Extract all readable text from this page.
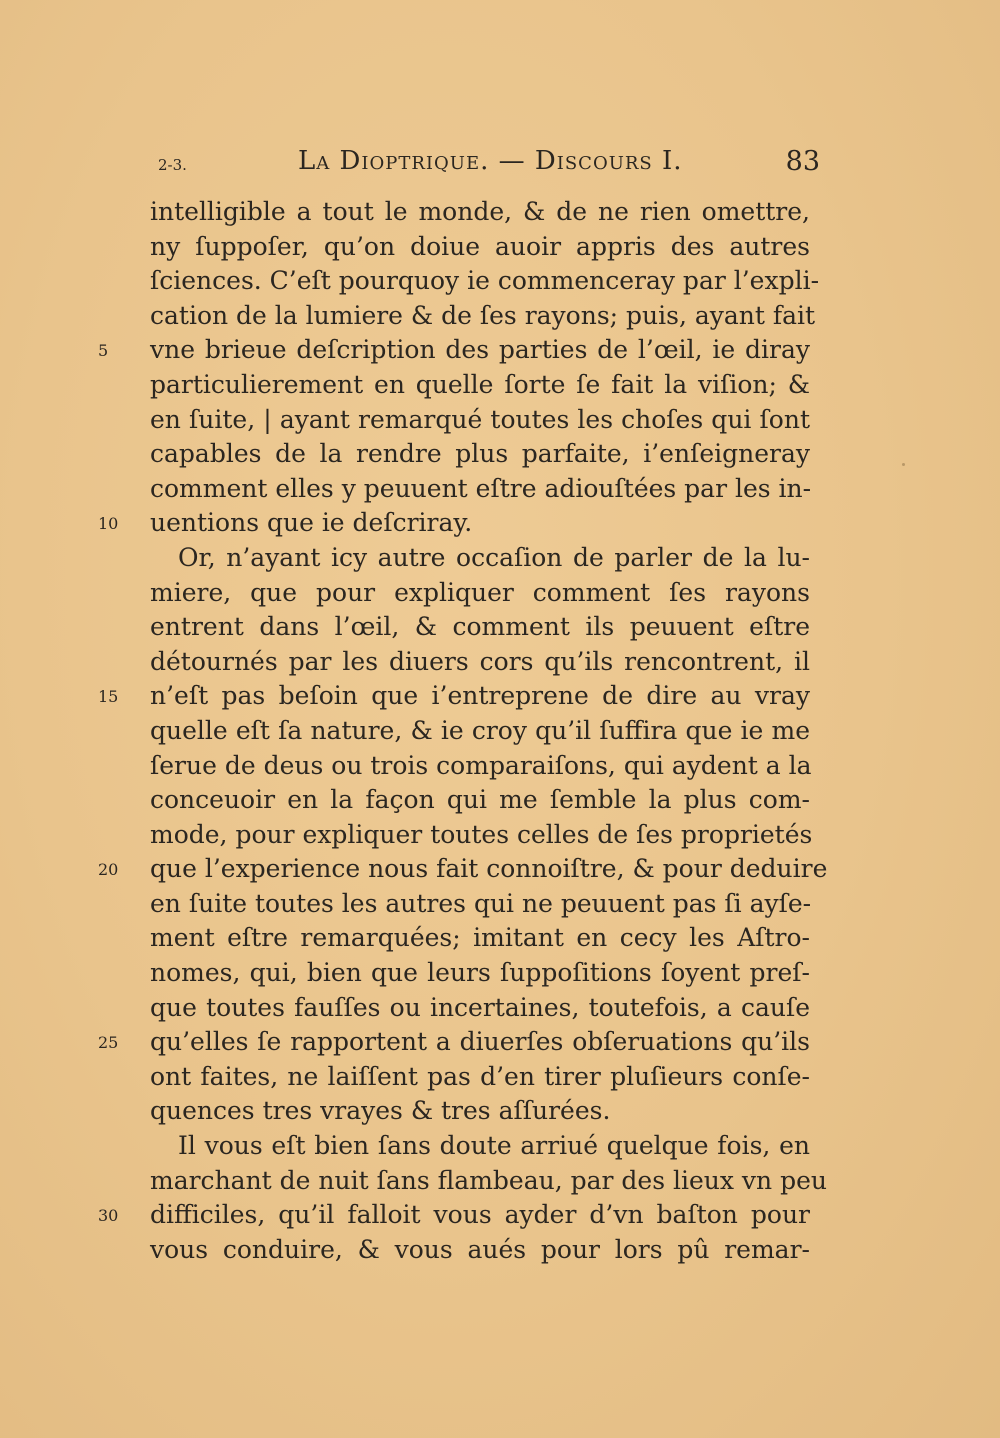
2-3.	La Dioptrique. — Discours I.	83
intelligible a tout le monde, & de ne rien omettre,
ny ſuppoſer, qu’on doiue auoir appris des autres
ſciences. C’eſt pourquoy ie commenceray par l’expli-
cation de la lumiere & de ſes rayons; puis, ayant fait
5	vne brieue deſcription des parties de l’œil, ie diray
particulierement en quelle ſorte ſe fait la viſion; &
en ſuite, | ayant remarqué toutes les choſes qui ſont
capables de la rendre plus parfaite, i’enſeigneray
comment elles y peuuent eſtre adiouſtées par les in-
10	uentions que ie deſcriray.
Or, n’ayant icy autre occaſion de parler de la lu-
miere, que pour expliquer comment ſes rayons
entrent dans l’œil, & comment ils peuuent eſtre
détournés par les diuers cors qu’ils rencontrent, il
15	n’eſt pas beſoin que i’entreprene de dire au vray
quelle eſt ſa nature, & ie croy qu’il ſuffira que ie me
ſerue de deus ou trois comparaiſons, qui aydent a la
conceuoir en la façon qui me ſemble la plus com-
mode, pour expliquer toutes celles de ſes proprietés
20	que l’experience nous fait connoiſtre, & pour deduire
en ſuite toutes les autres qui ne peuuent pas ſi ayſe-
ment eſtre remarquées; imitant en cecy les Aſtro-
nomes, qui, bien que leurs ſuppoſitions ſoyent preſ-
que toutes fauſſes ou incertaines, toutefois, a cauſe
25	qu’elles ſe rapportent a diuerſes obſeruations qu’ils
ont faites, ne laiſſent pas d’en tirer pluſieurs conſe-
quences tres vrayes & tres aſſurées.
Il vous eſt bien ſans doute arriué quelque fois, en
marchant de nuit ſans flambeau, par des lieux vn peu
30	difficiles, qu’il falloit vous ayder d’vn baſton pour
vous conduire, & vous aués pour lors pû remar-
